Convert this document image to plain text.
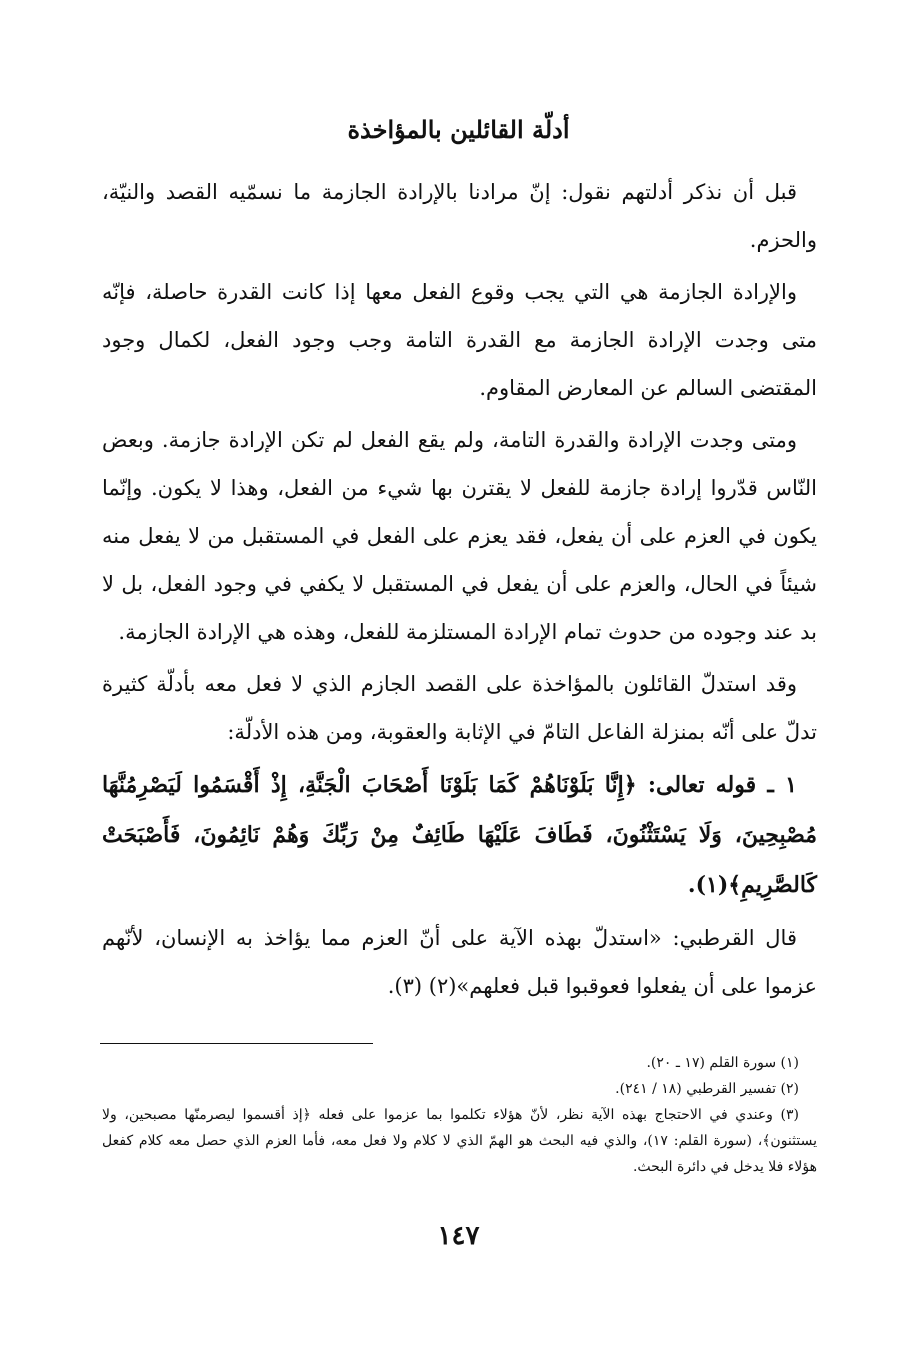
أدلّة القائلين بالمؤاخذة

قبل أن نذكر أدلتهم نقول: إنّ مرادنا بالإرادة الجازمة ما نسمّيه القصد والنيّة، والحزم.

والإرادة الجازمة هي التي يجب وقوع الفعل معها إذا كانت القدرة حاصلة، فإنّه متى وجدت الإرادة الجازمة مع القدرة التامة وجب وجود الفعل، لكمال وجود المقتضى السالم عن المعارض المقاوم.

ومتى وجدت الإرادة والقدرة التامة، ولم يقع الفعل لم تكن الإرادة جازمة. وبعض النّاس قدّروا إرادة جازمة للفعل لا يقترن بها شيء من الفعل، وهذا لا يكون. وإنّما يكون في العزم على أن يفعل، فقد يعزم على الفعل في المستقبل من لا يفعل منه شيئاً في الحال، والعزم على أن يفعل في المستقبل لا يكفي في وجود الفعل، بل لا بد عند وجوده من حدوث تمام الإرادة المستلزمة للفعل، وهذه هي الإرادة الجازمة.

وقد استدلّ القائلون بالمؤاخذة على القصد الجازم الذي لا فعل معه بأدلّة كثيرة تدلّ على أنّه بمنزلة الفاعل التامّ في الإثابة والعقوبة، ومن هذه الأدلّة:

١ ـ قوله تعالى: ﴿إِنَّا بَلَوْنَاهُمْ كَمَا بَلَوْنَا أَصْحَابَ الْجَنَّةِ، إِذْ أَقْسَمُوا لَيَصْرِمُنَّهَا مُصْبِحِينَ، وَلَا يَسْتَثْنُونَ، فَطَافَ عَلَيْهَا طَائِفٌ مِنْ رَبِّكَ وَهُمْ نَائِمُونَ، فَأَصْبَحَتْ كَالصَّرِيمِ﴾(١).

قال القرطبي: «استدلّ بهذه الآية على أنّ العزم مما يؤاخذ به الإنسان، لأنّهم عزموا على أن يفعلوا فعوقبوا قبل فعلهم»(٢) (٣).

(١) سورة القلم (١٧ ـ ٢٠).

(٢) تفسير القرطبي (١٨ / ٢٤١).

(٣) وعندي في الاحتجاج بهذه الآية نظر، لأنّ هؤلاء تكلموا بما عزموا على فعله ﴿إذ أقسموا ليصرمنّها مصبحين، ولا يستثنون﴾، (سورة القلم: ١٧)، والذي فيه البحث هو الهمّ الذي لا كلام ولا فعل معه، فأما العزم الذي حصل معه كلام كفعل هؤلاء فلا يدخل في دائرة البحث.

١٤٧
